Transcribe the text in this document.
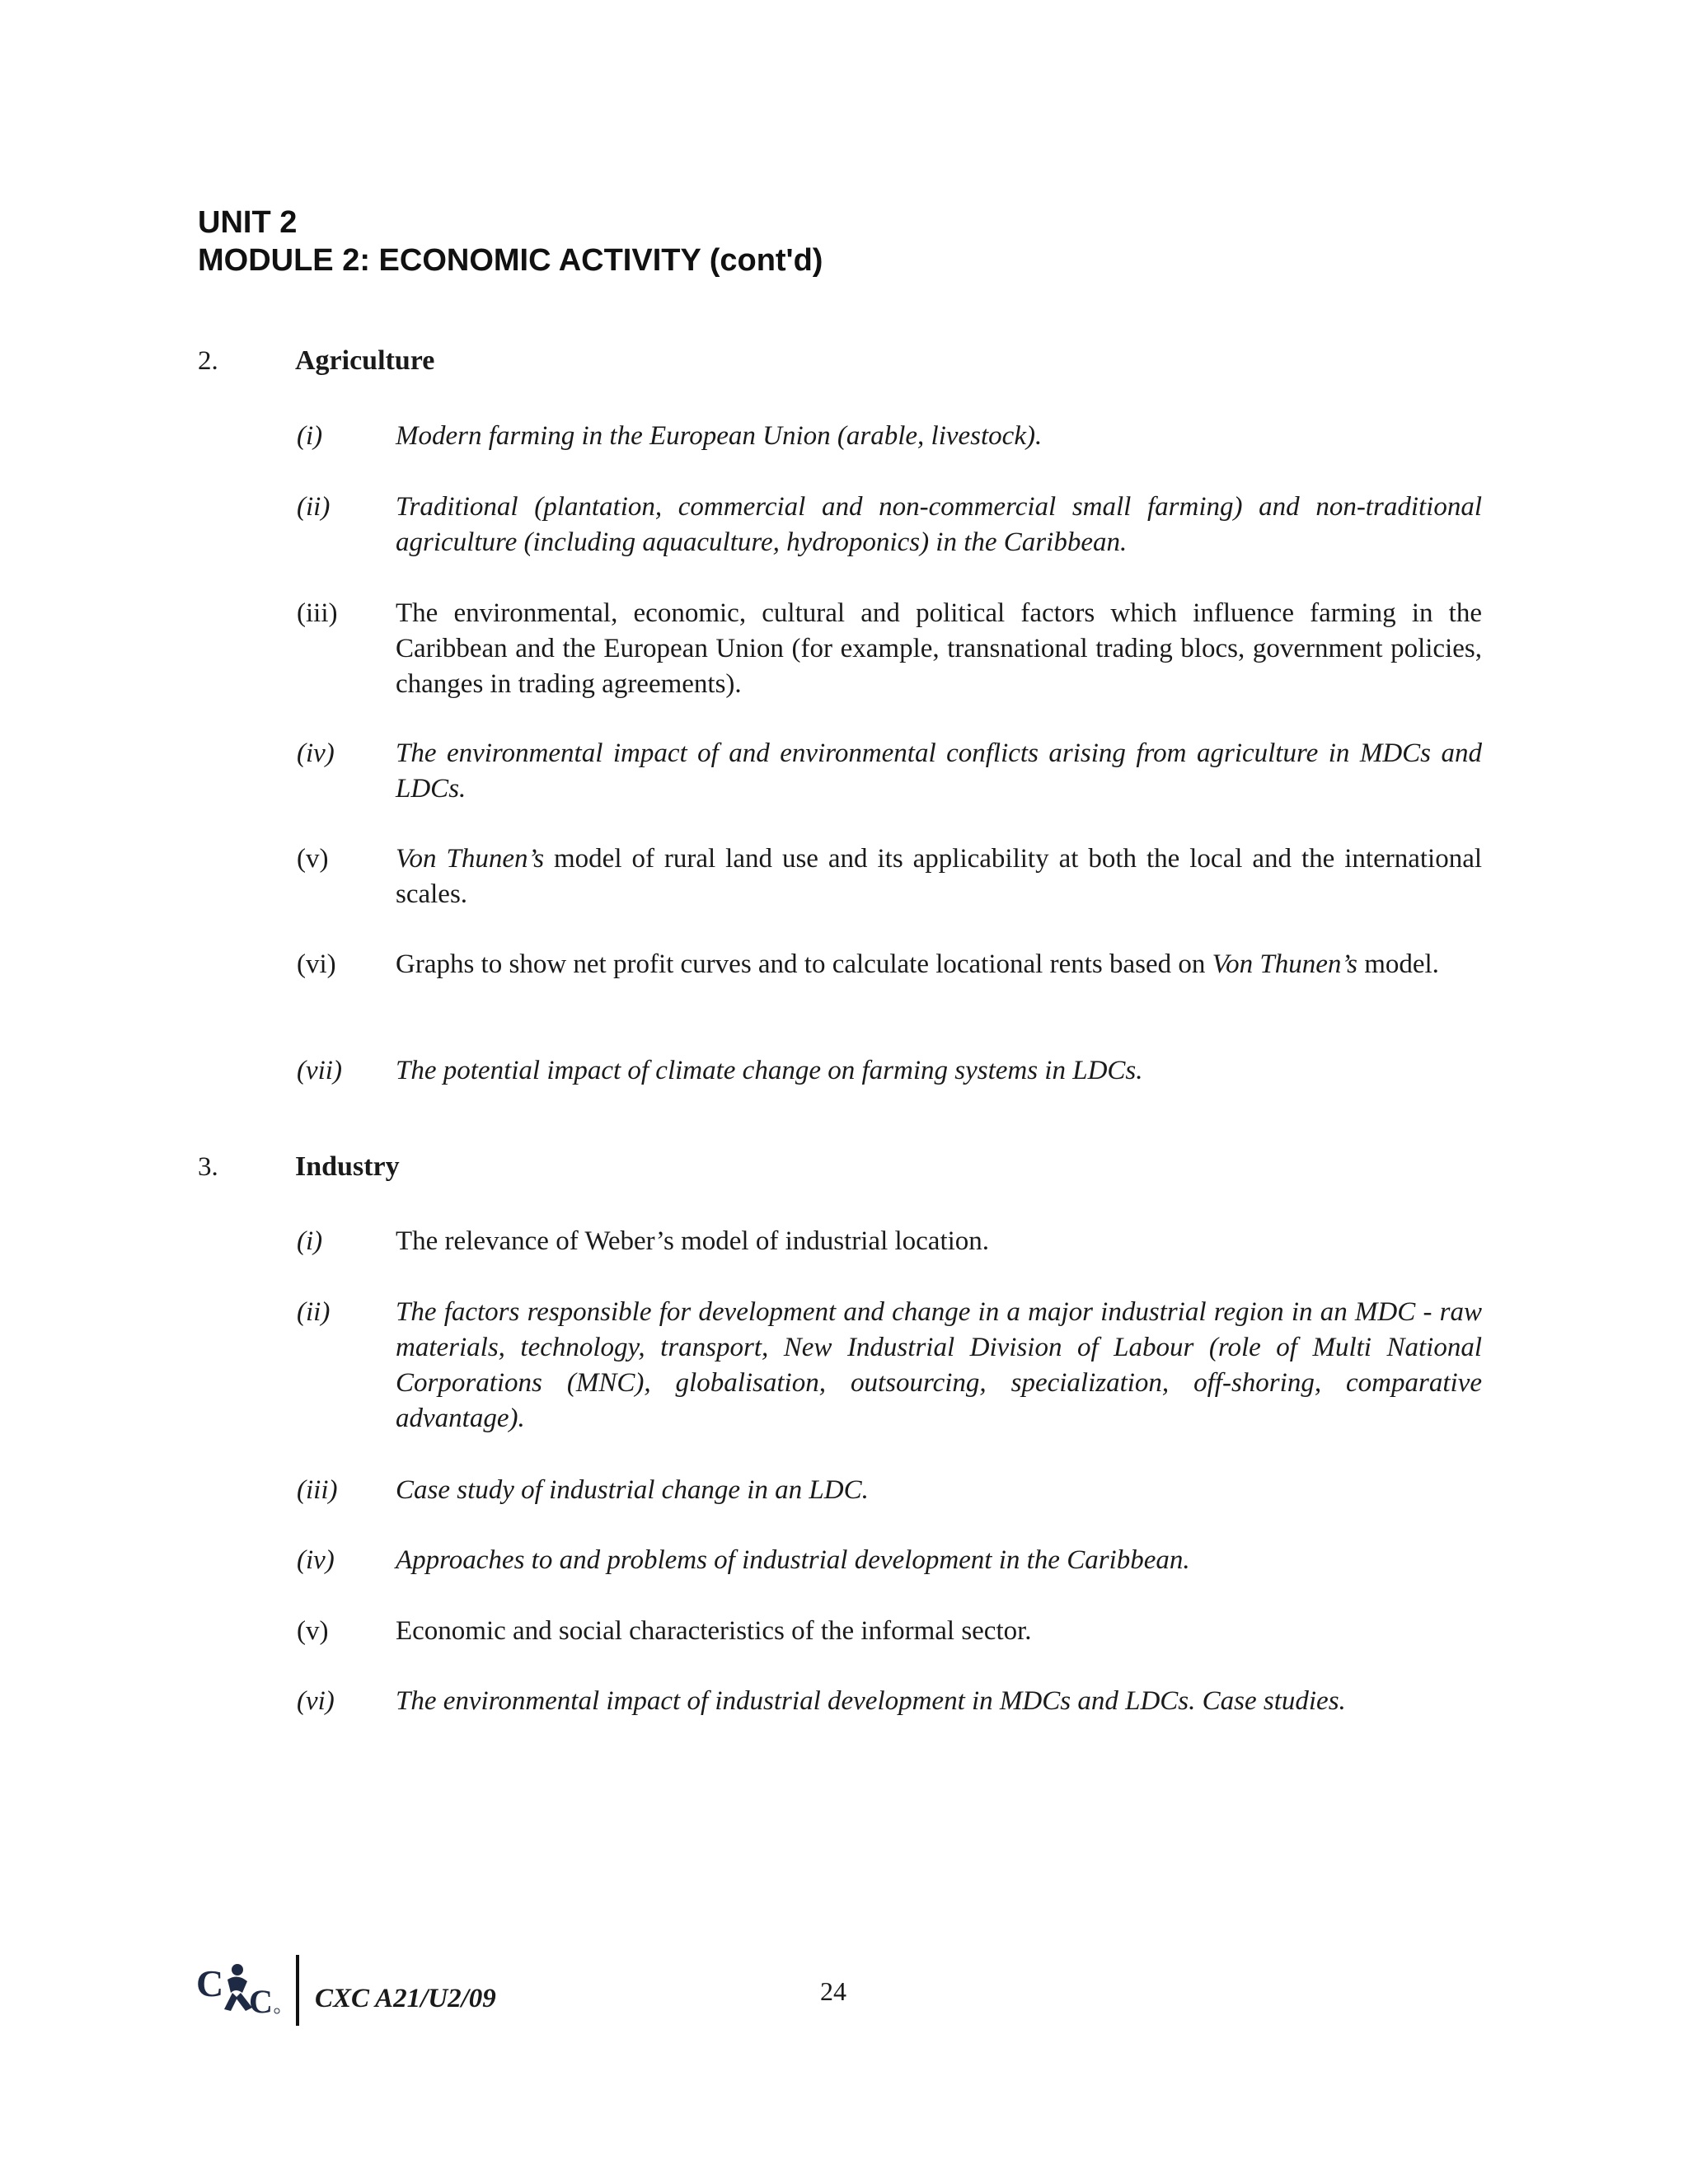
UNIT 2
MODULE 2: ECONOMIC ACTIVITY (cont'd)
2.	Agriculture
(i)	Modern farming in the European Union (arable, livestock).
(ii) Traditional (plantation, commercial and non-commercial small farming) and non-traditional agriculture (including aquaculture, hydroponics) in the Caribbean.
(iii) The environmental, economic, cultural and political factors which influence farming in the Caribbean and the European Union (for example, transnational trading blocs, government policies, changes in trading agreements).
(iv) The environmental impact of and environmental conflicts arising from agriculture in MDCs and LDCs.
(v) Von Thunen’s model of rural land use and its applicability at both the local and the international scales.
(vi) Graphs to show net profit curves and to calculate locational rents based on Von Thunen’s model.
(vii) The potential impact of climate change on farming systems in LDCs.
3.	Industry
(i)	The relevance of Weber’s model of industrial location.
(ii) The factors responsible for development and change in a major industrial region in an MDC - raw materials, technology, transport, New Industrial Division of Labour (role of Multi National Corporations (MNC), globalisation, outsourcing, specialization, off-shoring, comparative advantage).
(iii) Case study of industrial change in an LDC.
(iv) Approaches to and problems of industrial development in the Caribbean.
(v) Economic and social characteristics of the informal sector.
(vi) The environmental impact of industrial development in MDCs and LDCs. Case studies.
C C CXC A21/U2/09	24
